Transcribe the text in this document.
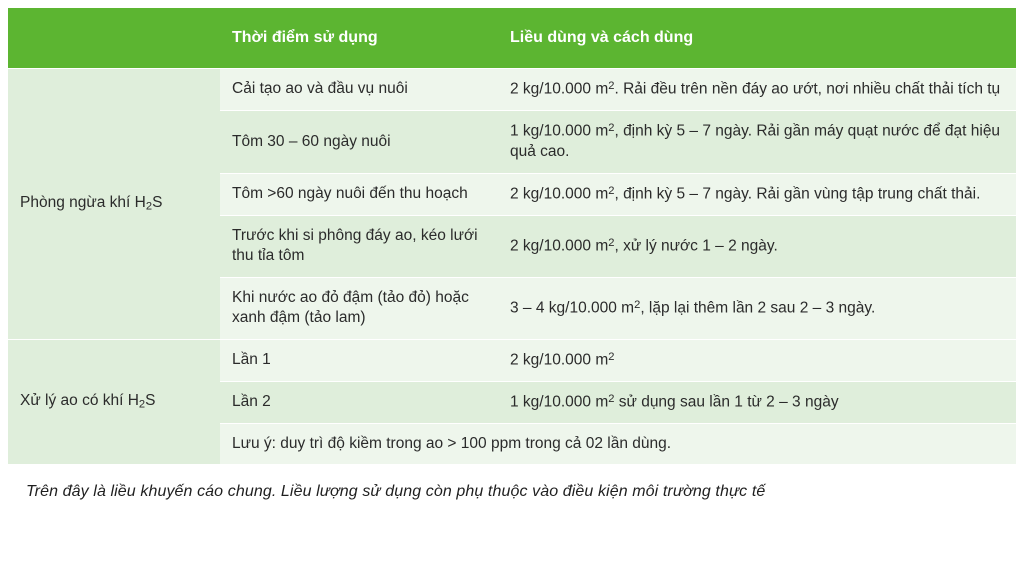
	Thời điểm sử dụng	Liều dùng và cách dùng
Phòng ngừa khí $H_2S$	Cải tạo ao và đầu vụ nuôi	2 kg/10.000 $m^2$. Rải đều trên nền đáy ao ướt, nơi nhiều chất thải tích tụ
	Tôm 30 – 60 ngày nuôi	1 kg/10.000 $m^2$, định kỳ 5 – 7 ngày. Rải gần máy quạt nước để đạt hiệu quả cao.
	Tôm >60 ngày nuôi đến thu hoạch	2 kg/10.000 $m^2$, định kỳ 5 – 7 ngày. Rải gần vùng tập trung chất thải.
	Trước khi si phông đáy ao, kéo lưới thu tỉa tôm	2 kg/10.000 $m^2$, xử lý nước 1 – 2 ngày.
	Khi nước ao đỏ đậm (tảo đỏ) hoặc xanh đậm (tảo lam)	3 – 4 kg/10.000 $m^2$, lặp lại thêm lần 2 sau 2 – 3 ngày.
Xử lý ao có khí $H_2S$	Lần 1	2 kg/10.000 $m^2$
	Lần 2	1 kg/10.000 $m^2$ sử dụng sau lần 1 từ 2 – 3 ngày
	Lưu ý: duy trì độ kiềm trong ao > 100 ppm trong cả 02 lần dùng.	
Trên đây là liều khuyến cáo chung. Liều lượng sử dụng còn phụ thuộc vào điều kiện môi trường thực tế
